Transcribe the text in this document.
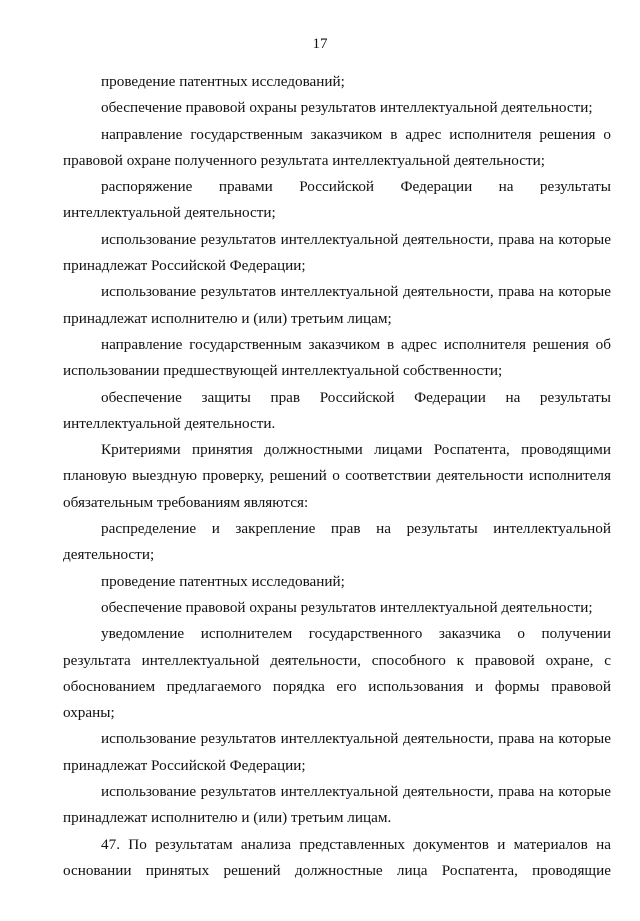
17

проведение патентных исследований;

обеспечение правовой охраны результатов интеллектуальной деятельности;

направление государственным заказчиком в адрес исполнителя решения о правовой охране полученного результата интеллектуальной деятельности;

распоряжение правами Российской Федерации на результаты интеллектуальной деятельности;

использование результатов интеллектуальной деятельности, права на которые принадлежат Российской Федерации;

использование результатов интеллектуальной деятельности, права на которые принадлежат исполнителю и (или) третьим лицам;

направление государственным заказчиком в адрес исполнителя решения об использовании предшествующей интеллектуальной собственности;

обеспечение защиты прав Российской Федерации на результаты интеллектуальной деятельности.

Критериями принятия должностными лицами Роспатента, проводящими плановую выездную проверку, решений о соответствии деятельности исполнителя обязательным требованиям являются:

распределение и закрепление прав на результаты интеллектуальной деятельности;

проведение патентных исследований;

обеспечение правовой охраны результатов интеллектуальной деятельности;

уведомление исполнителем государственного заказчика о получении результата интеллектуальной деятельности, способного к правовой охране, с обоснованием предлагаемого порядка его использования и формы правовой охраны;

использование результатов интеллектуальной деятельности, права на которые принадлежат Российской Федерации;

использование результатов интеллектуальной деятельности, права на которые принадлежат исполнителю и (или) третьим лицам.

47. По результатам анализа представленных документов и материалов на основании принятых решений должностные лица Роспатента, проводящие
